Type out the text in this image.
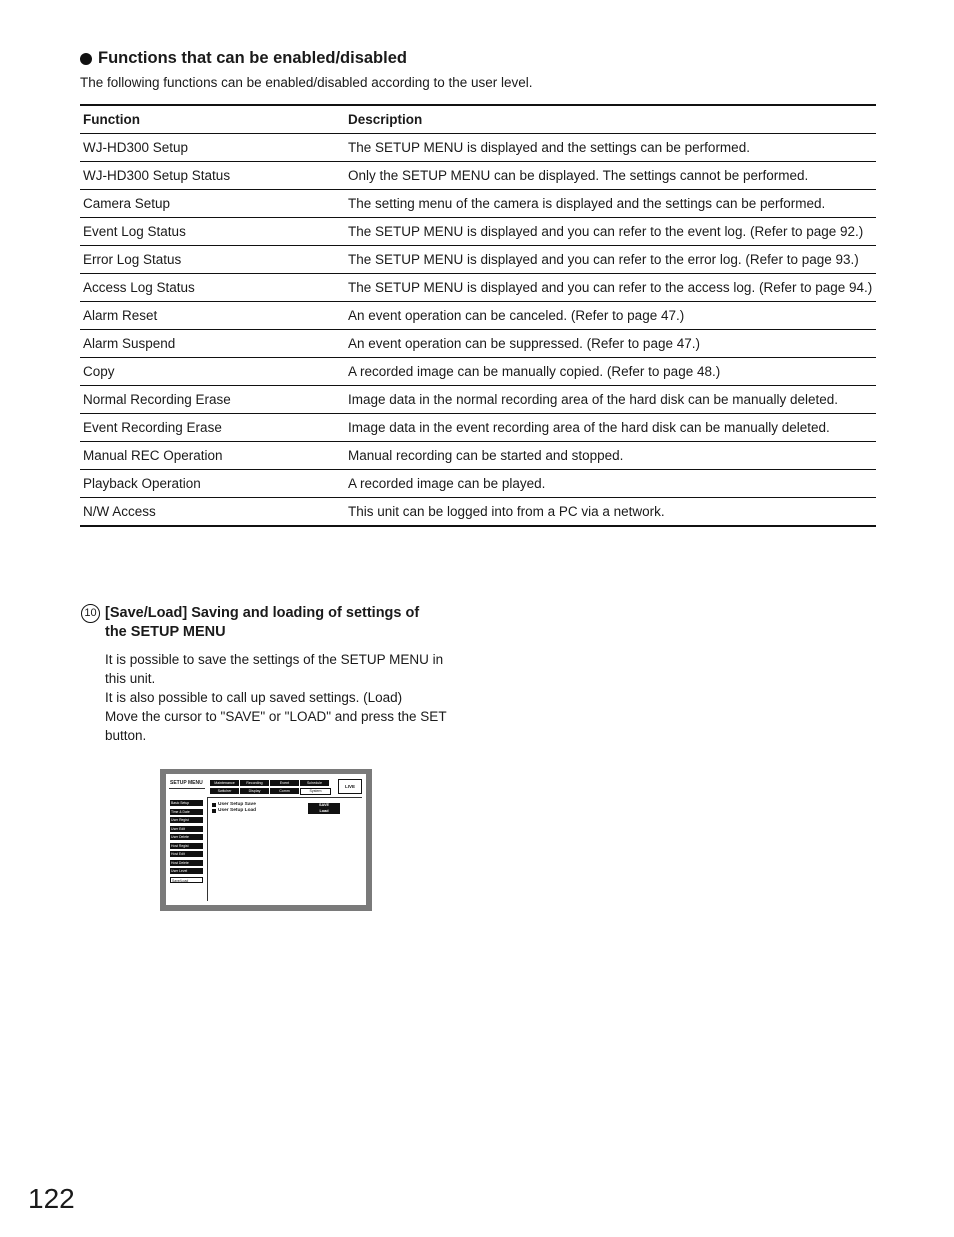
Functions that can be enabled/disabled
The following functions can be enabled/disabled according to the user level.
Function	Description
WJ-HD300 Setup	The SETUP MENU is displayed and the settings can be performed.
WJ-HD300 Setup Status	Only the SETUP MENU can be displayed. The settings cannot be performed.
Camera Setup	The setting menu of the camera is displayed and the settings can be performed.
Event Log Status	The SETUP MENU is displayed and you can refer to the event log. (Refer to page 92.)
Error Log Status	The SETUP MENU is displayed and you can refer to the error log. (Refer to page 93.)
Access Log Status	The SETUP MENU is displayed and you can refer to the access log. (Refer to page 94.)
Alarm Reset	An event operation can be canceled. (Refer to page 47.)
Alarm Suspend	An event operation can be suppressed. (Refer to page 47.)
Copy	A recorded image can be manually copied. (Refer to page 48.)
Normal Recording Erase	Image data in the normal recording area of the hard disk can be manually deleted.
Event Recording Erase	Image data in the event recording area of the hard disk can be manually deleted.
Manual REC Operation	Manual recording can be started and stopped.
Playback Operation	A recorded image can be played.
N/W Access	This unit can be logged into from a PC via a network.
10 [Save/Load] Saving and loading of settings of
the SETUP MENU

It is possible to save the settings of the SETUP MENU in this unit.

It is also possible to call up saved settings. (Load)

Move the cursor to "SAVE" or "LOAD" and press the SET button.

SETUP MENU	Maintenance	Recording	Event	Schedule
Switcher	Display	Comm	System
LIVE
Basic Setup
Time & Date
User Regist
User Edit
User Delete
Host Regist
Host Edit
Host Delete
User Level
Save/Load
User Setup Save
User Setup Load
SAVE
Load
122
